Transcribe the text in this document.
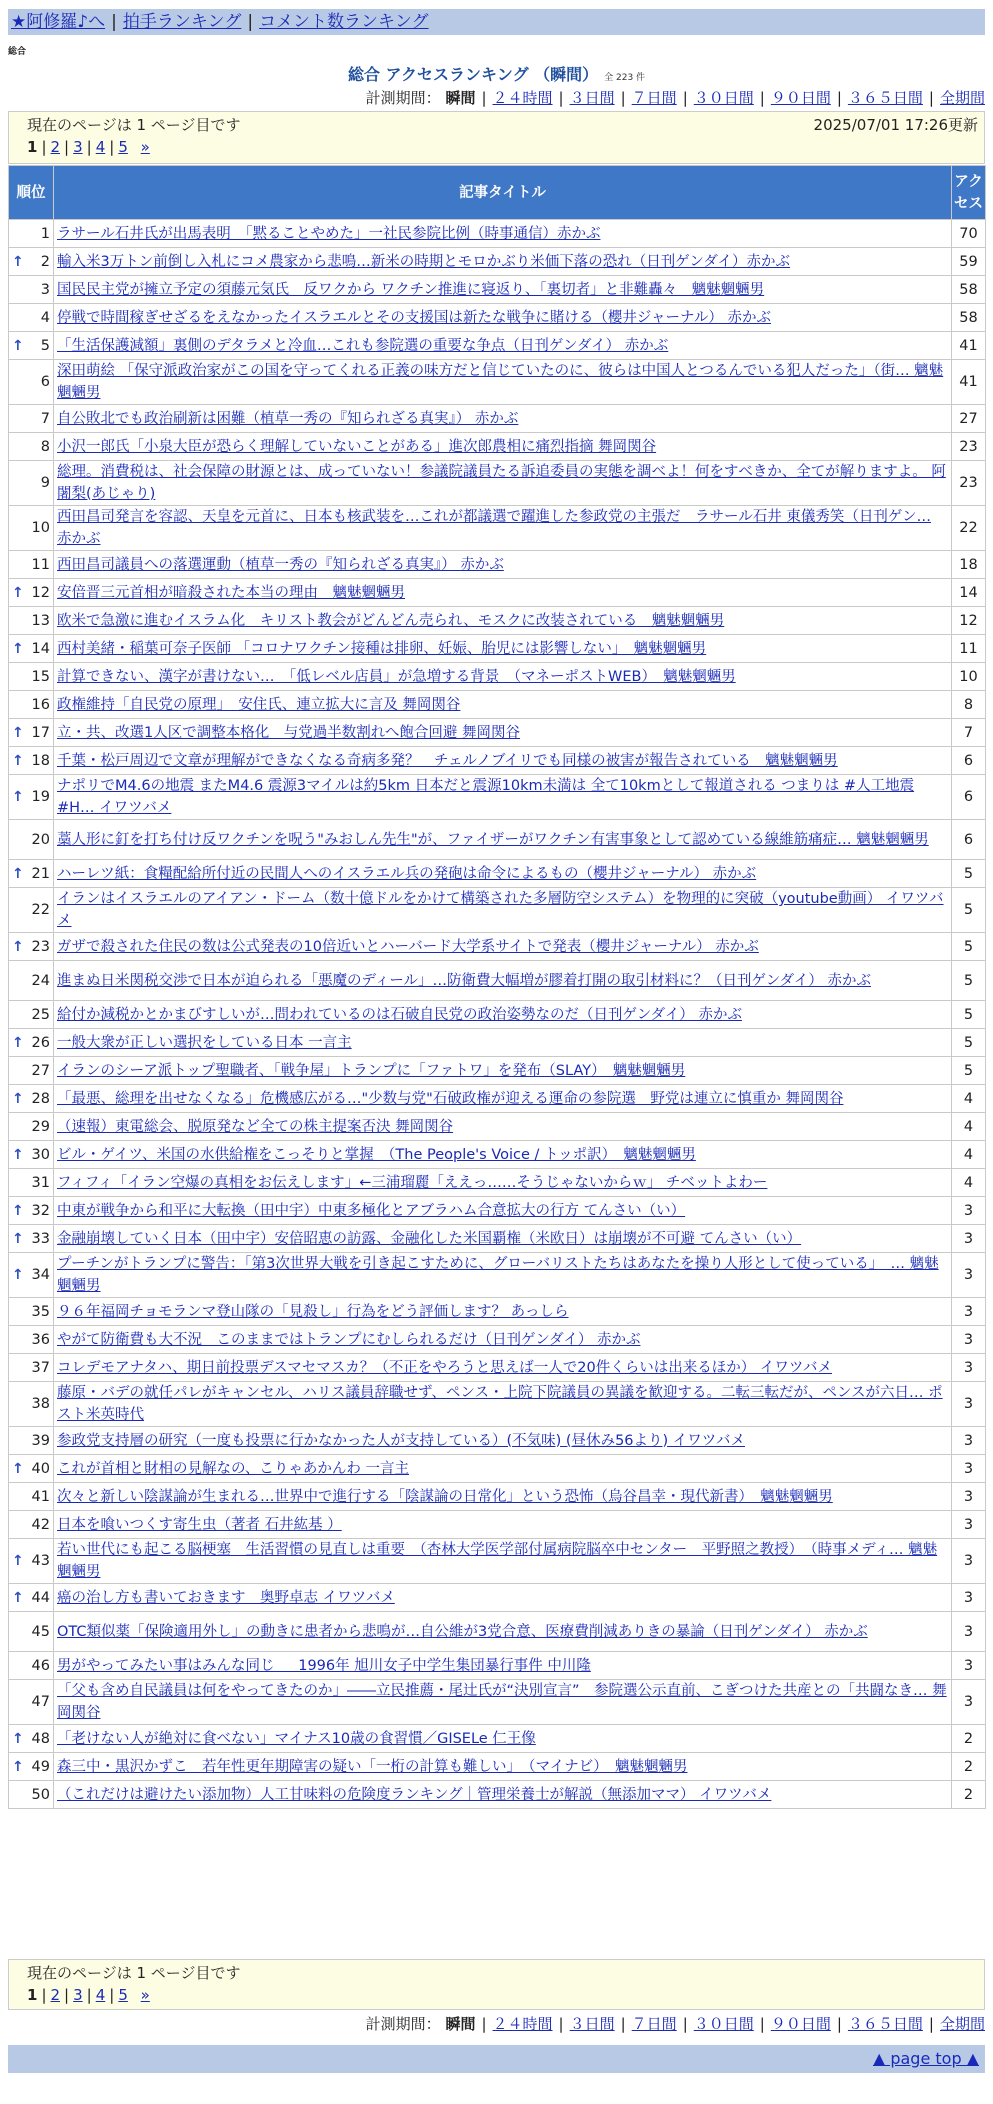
★阿修羅♪へ | 拍手ランキング | コメント数ランキング
総合
総合 アクセスランキング （瞬間） 全 223 件
計測期間： 瞬間 | ２４時間 | ３日間 | ７日間 | ３０日間 | ９０日間 | ３６５日間 | 全期間
現在のページは 1 ページ目です	2025/07/01 17:26更新
1 | 2 | 3 | 4 | 5 »
順位	記事タイトル	アクセス
1	ラサール石井氏が出馬表明　「黙ることやめた」一社民参院比例（時事通信）赤かぶ	70

↑ 2	輸入米3万トン前倒し入札にコメ農家から悲鳴…新米の時期とモロかぶり米価下落の恐れ（日刊ゲンダイ）赤かぶ	59
3	国民民主党が擁立予定の須藤元気氏　反ワクから ワクチン推進に寝返り、「裏切者」と非難轟々　魑魅魍魎男	58
4	停戦で時間稼ぎせざるをえなかったイスラエルとその支援国は新たな戦争に賭ける（櫻井ジャーナル） 赤かぶ	58

↑ 5	「生活保護減額」裏側のデタラメと冷血…これも参院選の重要な争点（日刊ゲンダイ） 赤かぶ	41
6	深田萌絵 「保守派政治家がこの国を守ってくれる正義の味方だと信じていたのに、彼らは中国人とつるんでいる犯人だった」（街… 魑魅魍魎男	41
7	自公敗北でも政治刷新は困難（植草一秀の『知られざる真実』） 赤かぶ	27
8	小沢一郎氏「小泉大臣が恐らく理解していないことがある」進次郎農相に痛烈指摘 舞岡関谷	23
9	総理。消費税は、社会保障の財源とは、成っていない！参議院議員たる訴追委員の実態を調べよ！何をすべきか、全てが解りますよ。 阿闍梨(あじゃり)	23
10	西田昌司発言を容認、天皇を元首に、日本も核武装を…これが都議選で躍進した参政党の主張だ　ラサール石井 東儀秀笑（日刊ゲン… 赤かぶ	22
11	西田昌司議員への落選運動（植草一秀の『知られざる真実』） 赤かぶ	18

↑ 12	安倍晋三元首相が暗殺された本当の理由　魑魅魍魎男	14
13	欧米で急激に進むイスラム化　キリスト教会がどんどん売られ、モスクに改装されている　魑魅魍魎男	12

↑ 14	西村美緒・稲葉可奈子医師 「コロナワクチン接種は排卵、妊娠、胎児には影響しない」　魑魅魍魎男	11
15	計算できない、漢字が書けない…　「低レベル店員」が急増する背景　（マネーポストWEB）　魑魅魍魎男	10
16	政権維持「自民党の原理」　安住氏、連立拡大に言及 舞岡関谷	8

↑ 17	立・共、改選1人区で調整本格化　与党過半数割れへ飽合回避 舞岡関谷	7

↑ 18	千葉・松戸周辺で文章が理解ができなくなる奇病多発？　チェルノブイリでも同様の被害が報告されている　魑魅魍魎男	6

↑ 19	ナポリでM4.6の地震 またM4.6 震源3マイルは約5km 日本だと震源10km未満は 全て10kmとして報道される つまりは #人工地震 #H… イワツバメ	6
20	藁人形に釘を打ち付け反ワクチンを呪う"みおしん先生"が、ファイザーがワクチン有害事象として認めている線維筋痛症… 魑魅魍魎男	6

↑ 21	ハーレツ紙：食糧配給所付近の民間人へのイスラエル兵の発砲は命令によるもの（櫻井ジャーナル） 赤かぶ	5
22	イランはイスラエルのアイアン・ドーム（数十億ドルをかけて構築された多層防空システム）を物理的に突破（youtube動画） イワツバメ	5

↑ 23	ガザで殺された住民の数は公式発表の10倍近いとハーバード大学系サイトで発表（櫻井ジャーナル） 赤かぶ	5
24	進まぬ日米関税交渉で日本が迫られる「悪魔のディール」…防衛費大幅増が膠着打開の取引材料に？（日刊ゲンダイ） 赤かぶ	5
25	給付か減税かとかまびすしいが…問われているのは石破自民党の政治姿勢なのだ（日刊ゲンダイ） 赤かぶ	5

↑ 26	一般大衆が正しい選択をしている日本 一言主	5
27	イランのシーア派トップ聖職者、「戦争屋」トランプに「ファトワ」を発布（SLAY）　魑魅魍魎男	5

↑ 28	「最悪、総理を出せなくなる」危機感広がる…"少数与党"石破政権が迎える運命の参院選　野党は連立に慎重か 舞岡関谷	4
29	（速報）東電総会、脱原発など全ての株主提案否決 舞岡関谷	4

↑ 30	ビル・ゲイツ、米国の水供給権をこっそりと掌握　（The People's Voice / トッポ訳）　魑魅魍魎男	4
31	フィフィ「イラン空爆の真相をお伝えします」←三浦瑠麗「ええっ……そうじゃないからｗ」 チベットよわー	4

↑ 32	中東が戦争から和平に大転換（田中宇）中東多極化とアブラハム合意拡大の行方 てんさい（い）	3

↑ 33	金融崩壊していく日本（田中宇）安倍昭恵の訪露、金融化した米国覇権（米欧日）は崩壊が不可避 てんさい（い）	3

↑ 34	プーチンがトランプに警告：「第3次世界大戦を引き起こすために、グローバリストたちはあなたを操り人形として使っている」　… 魑魅魍魎男	3
35	９６年福岡チョモランマ登山隊の「見殺し」行為をどう評価します？ あっしら	3
36	やがて防衛費も大不況　このままではトランプにむしられるだけ（日刊ゲンダイ） 赤かぶ	3
37	コレデモアナタハ、期日前投票デスマセマスカ？（不正をやろうと思えば一人で20件くらいは出来るほか） イワツバメ	3
38	藤原・バデの就任パレがキャンセル、ハリス議員辞職せず、ペンス・上院下院議員の異議を歓迎する。二転三転だが、ペンスが六日… ポスト米英時代	3
39	参政党支持層の研究（一度も投票に行かなかった人が支持している）(不気味) (昼休み56より) イワツバメ	3

↑ 40	これが首相と財相の見解なの、こりゃあかんわ 一言主	3
41	次々と新しい陰謀論が生まれる…世界中で進行する「陰謀論の日常化」という恐怖（烏谷昌幸・現代新書）　魑魅魍魎男	3
42	日本を喰いつくす寄生虫（著者 石井紘基 ）	3

↑ 43	若い世代にも起こる脳梗塞　生活習慣の見直しは重要　（杏林大学医学部付属病院脳卒中センター　平野照之教授）　（時事メディ… 魑魅魍魎男	3

↑ 44	癌の治し方も書いておきます　奥野卓志 イワツバメ	3
45	OTC類似薬「保険適用外し」の動きに患者から悲鳴が…自公維が3党合意、医療費削減ありきの暴論（日刊ゲンダイ） 赤かぶ	3
46	男がやってみたい事はみんな同じ ＿ 1996年 旭川女子中学生集団暴行事件 中川隆	3
47	「父も含め自民議員は何をやってきたのか」――立民推薦・尾辻氏が“決別宣言”　参院選公示直前、こぎつけた共産との「共闘なき… 舞岡関谷	3

↑ 48	「老けない人が絶対に食べない」マイナス10歳の食習慣／GISELe 仁王像	2

↑ 49	森三中・黒沢かずこ　若年性更年期障害の疑い「一桁の計算も難しい」　（マイナビ）　魑魅魍魎男	2
50	（これだけは避けたい添加物）人工甘味料の危険度ランキング｜管理栄養士が解説（無添加ママ） イワツバメ	2
現在のページは 1 ページ目です
1 | 2 | 3 | 4 | 5 »
計測期間： 瞬間 | ２４時間 | ３日間 | ７日間 | ３０日間 | ９０日間 | ３６５日間 | 全期間
▲ page top ▲
